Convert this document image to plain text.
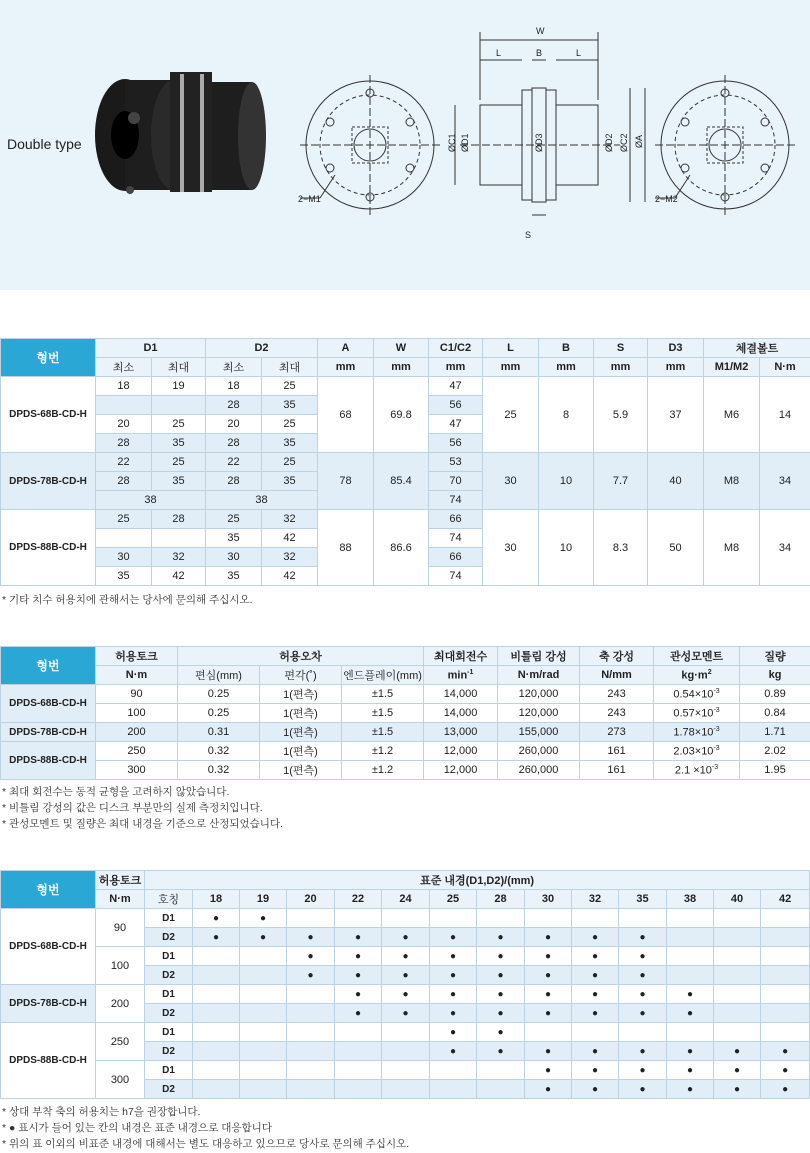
Double type
2−M1
W
L	B	L
S
ØC1 ØD1	ØD3	ØD2 ØC2 ØA
2−M2
형번	D1		D2		A	W	C1/C2	L	B	S	D3	체결볼트	
	최소	최대	최소	최대	mm	mm	mm	mm	mm	mm	mm	M1/M2	N·m
DPDS-68B-CD-H	18	19	18	25	68	69.8	47	25	8	5.9	37	M6	14
			28	35			56						
	20	25	20	25			47						
	28	35	28	35			56						
DPDS-78B-CD-H	22	25	22	25	78	85.4	53	30	10	7.7	40	M8	34
	28	35	28	35			70						
	38		38				74						
DPDS-88B-CD-H	25	28	25	32	88	86.6	66	30	10	8.3	50	M8	34
			35	42			74						
	30	32	30	32			66						
	35	42	35	42			74						
* 기타 치수 허용치에 관해서는 당사에 문의해 주십시오.
형번	허용토크	허용오차			최대회전수	비틀림 강성	축 강성	관성모멘트	질량
	N·m	편심(mm)	편각(˚)	엔드플레이(mm)	$\min^{-1}$	N·m/rad	N/mm	$kg\cdot m^2$	kg
DPDS-68B-CD-H	90	0.25	1(편측)	±1.5	14,000	120,000	243	$0.54\times 10^{-3}$	0.89
	100	0.25	1(편측)	±1.5	14,000	120,000	243	$0.57\times 10^{-3}$	0.84
DPDS-78B-CD-H	200	0.31	1(편측)	±1.5	13,000	155,000	273	$1.78\times 10^{-3}$	1.71
DPDS-88B-CD-H	250	0.32	1(편측)	±1.2	12,000	260,000	161	$2.03\times 10^{-3}$	2.02
	300	0.32	1(편측)	±1.2	12,000	260,000	161	$2.1 \times 10^{-3}$	1.95
* 최대 회전수는 동적 균형을 고려하지 않았습니다.
* 비틀림 강성의 값은 디스크 부분만의 실제 측정치입니다.
* 관성모멘트 및 질량은 최대 내경을 기준으로 산정되었습니다.
형번	허용토크	표준 내경(D1,D2)/(mm)													
	N·m	호칭	18	19	20	22	24	25	28	30	32	35	38	40	42
DPDS-68B-CD-H	90	D1	●	●											
		D2	●	●	●	●	●	●	●	●	●	●			
	100	D1			●	●	●	●	●	●	●	●			
		D2			●	●	●	●	●	●	●	●			
DPDS-78B-CD-H	200	D1				●	●	●	●	●	●	●	●		
		D2				●	●	●	●	●	●	●	●		
DPDS-88B-CD-H	250	D1						●	●						
		D2						●	●	●	●	●	●	●	●
	300	D1								●	●	●	●	●	●
		D2								●	●	●	●	●	●
* 상대 부착 축의 허용치는 h7을 권장합니다.
* ● 표시가 들어 있는 칸의 내경은 표준 내경으로 대응합니다
* 위의 표 이외의 비표준 내경에 대해서는 별도 대응하고 있으므로 당사로 문의해 주십시오.
